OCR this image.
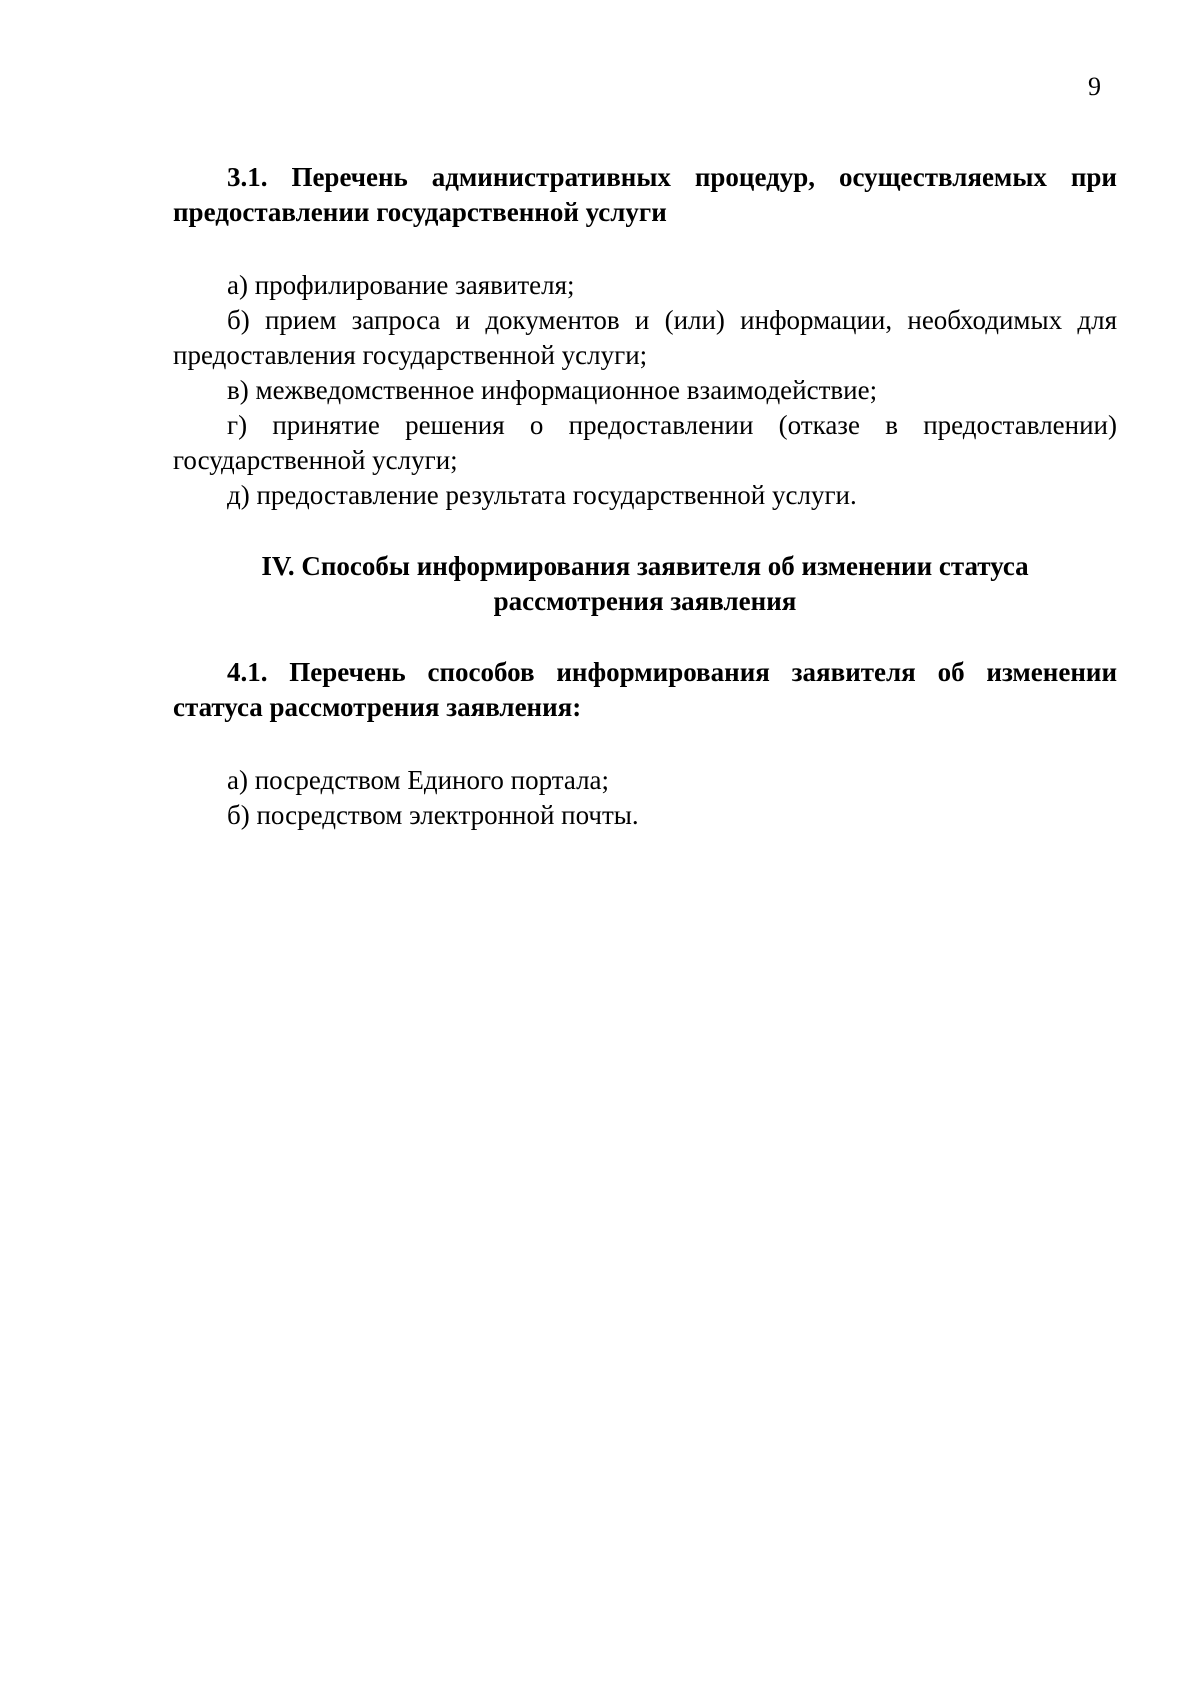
9

3.1. Перечень административных процедур, осуществляемых при предоставлении государственной услуги

а) профилирование заявителя;

б) прием запроса и документов и (или) информации, необходимых для предоставления государственной услуги;

в) межведомственное информационное взаимодействие;

г) принятие решения о предоставлении (отказе в предоставлении) государственной услуги;

д) предоставление результата государственной услуги.

IV. Способы информирования заявителя об изменении статуса

рассмотрения заявления

4.1. Перечень способов информирования заявителя об изменении статуса рассмотрения заявления:

а) посредством Единого портала;

б) посредством электронной почты.
